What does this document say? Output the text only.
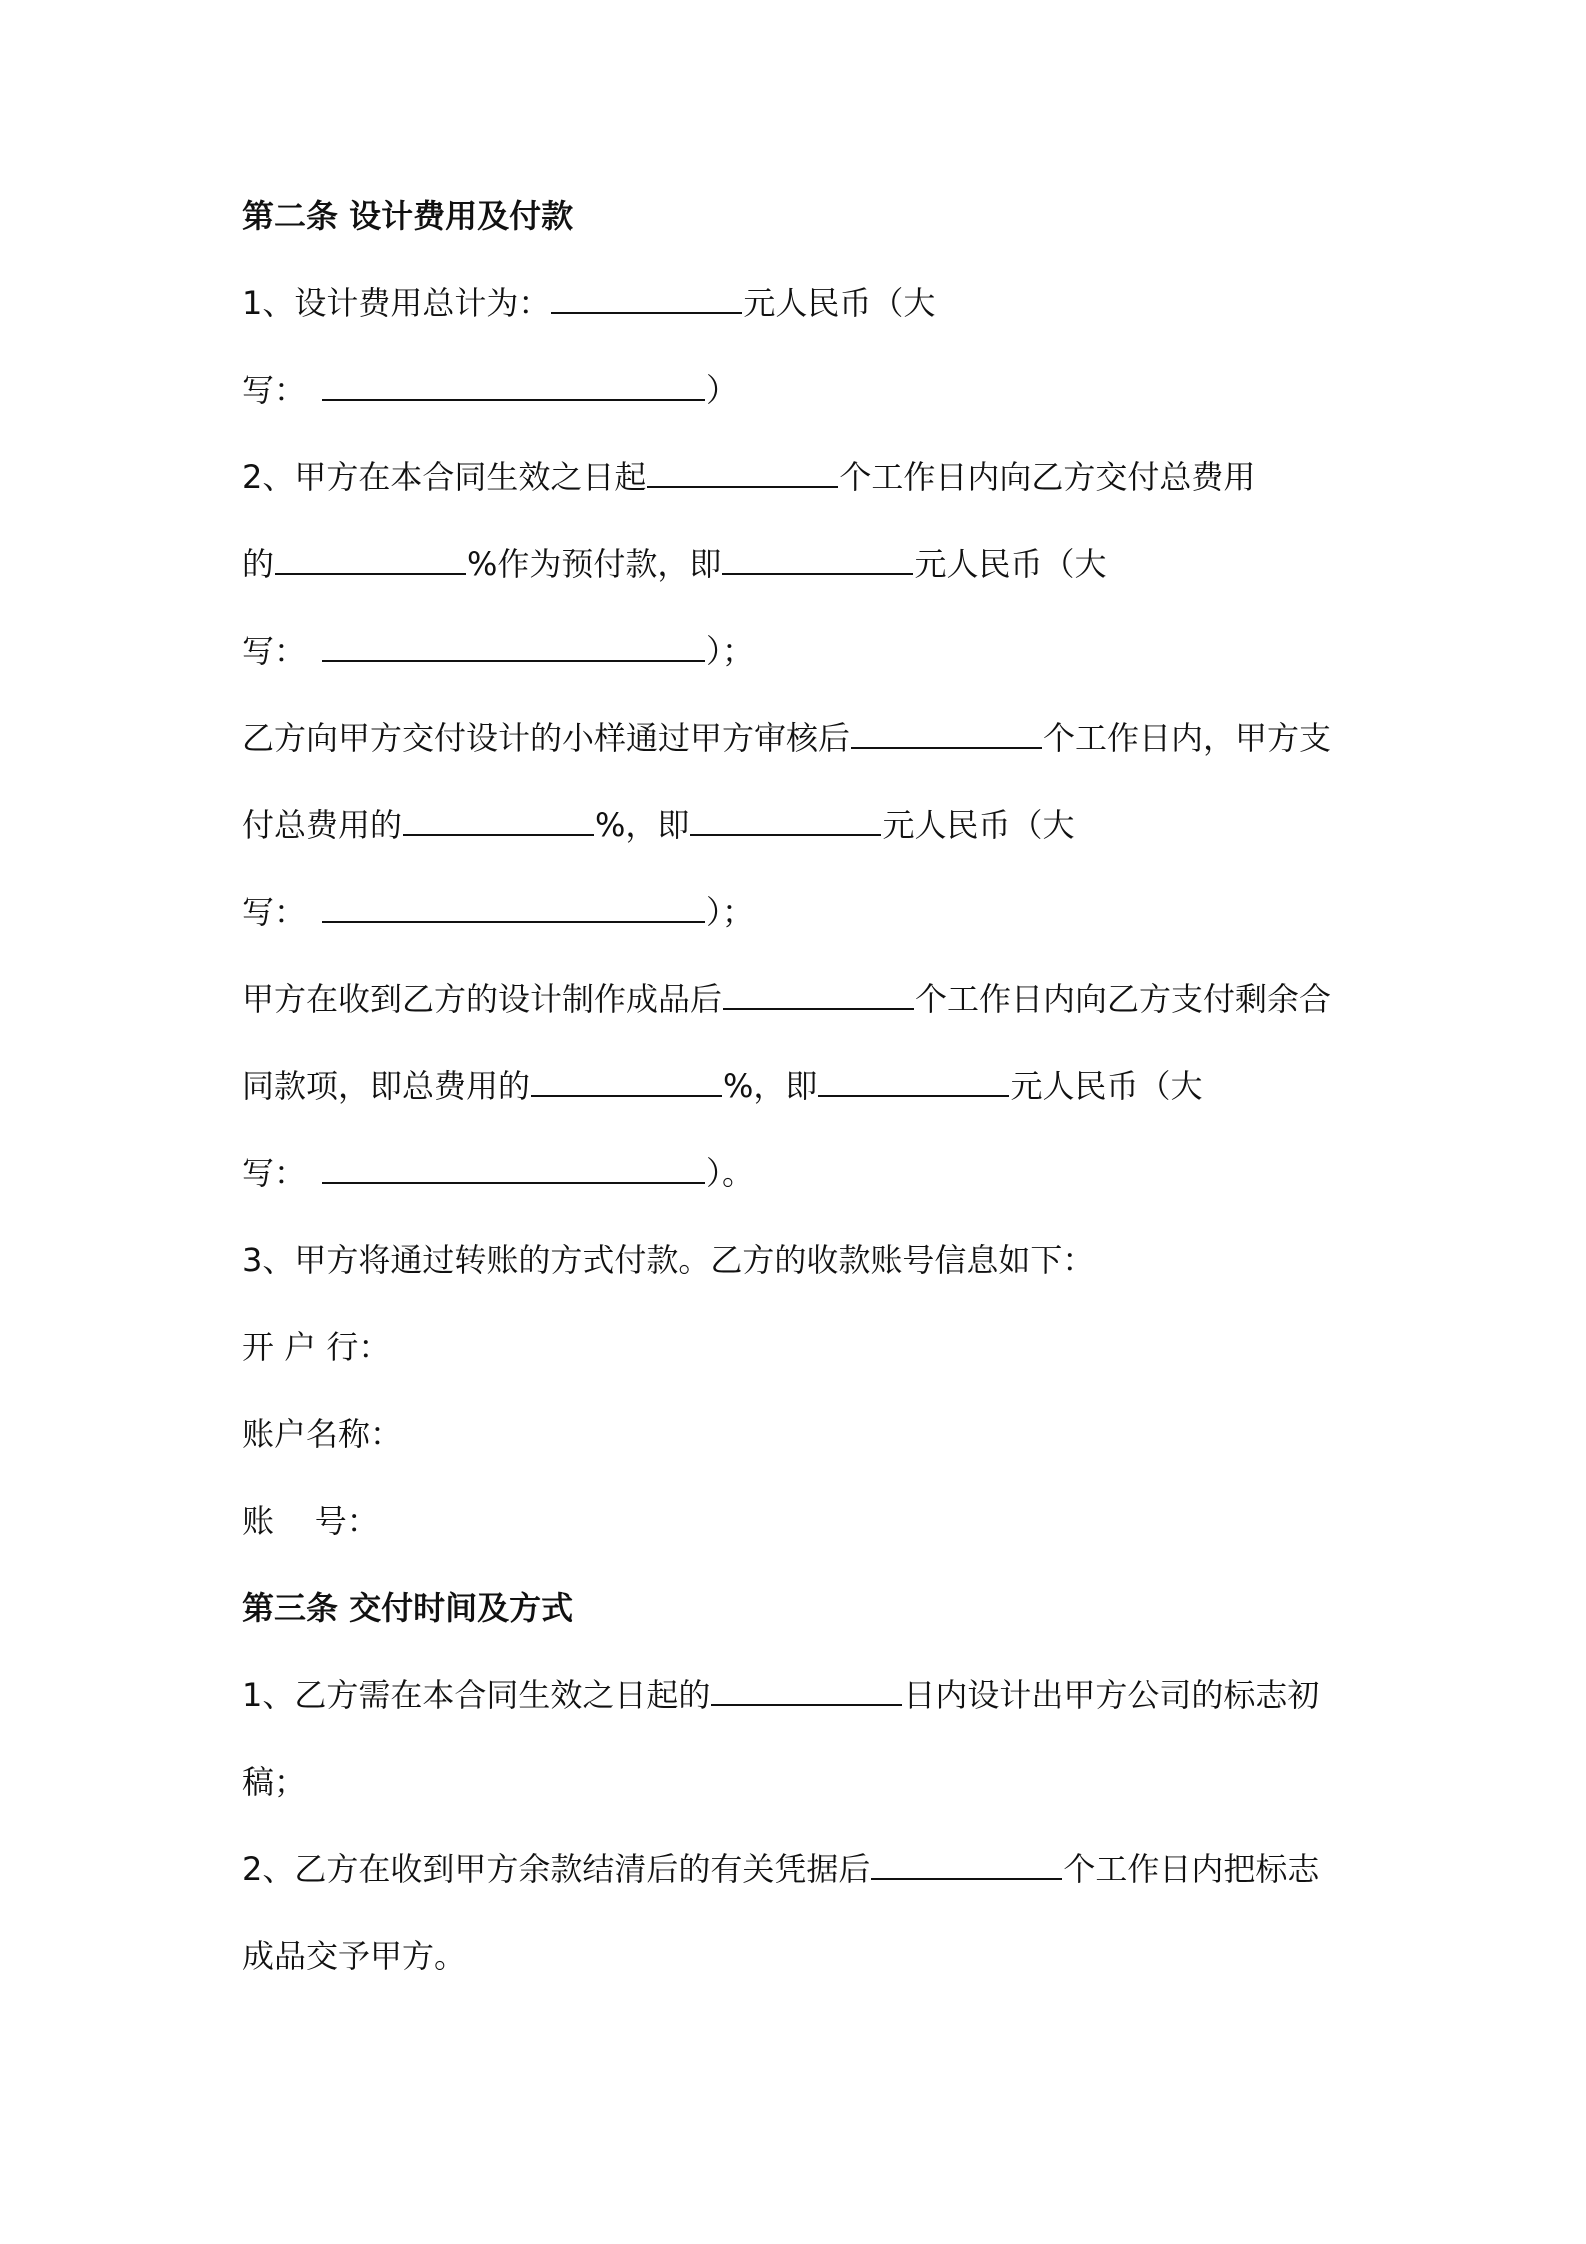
第二条 设计费用及付款
1、设计费用总计为：	元人民币（大
写：	）
2、甲方在本合同生效之日起	个工作日内向乙方交付总费用
的	%作为预付款，即	元人民币（大
写：	）；
乙方向甲方交付设计的小样通过甲方审核后	个工作日内，甲方支
付总费用的	%，即	元人民币（大
写：	）；
甲方在收到乙方的设计制作成品后	个工作日内向乙方支付剩余合
同款项，即总费用的	%，即	元人民币（大
写：	）。
3、甲方将通过转账的方式付款。乙方的收款账号信息如下：
开 户 行：
账户名称：
账    号：
第三条 交付时间及方式
1、乙方需在本合同生效之日起的	日内设计出甲方公司的标志初
稿；
2、乙方在收到甲方余款结清后的有关凭据后	个工作日内把标志
成品交予甲方。
